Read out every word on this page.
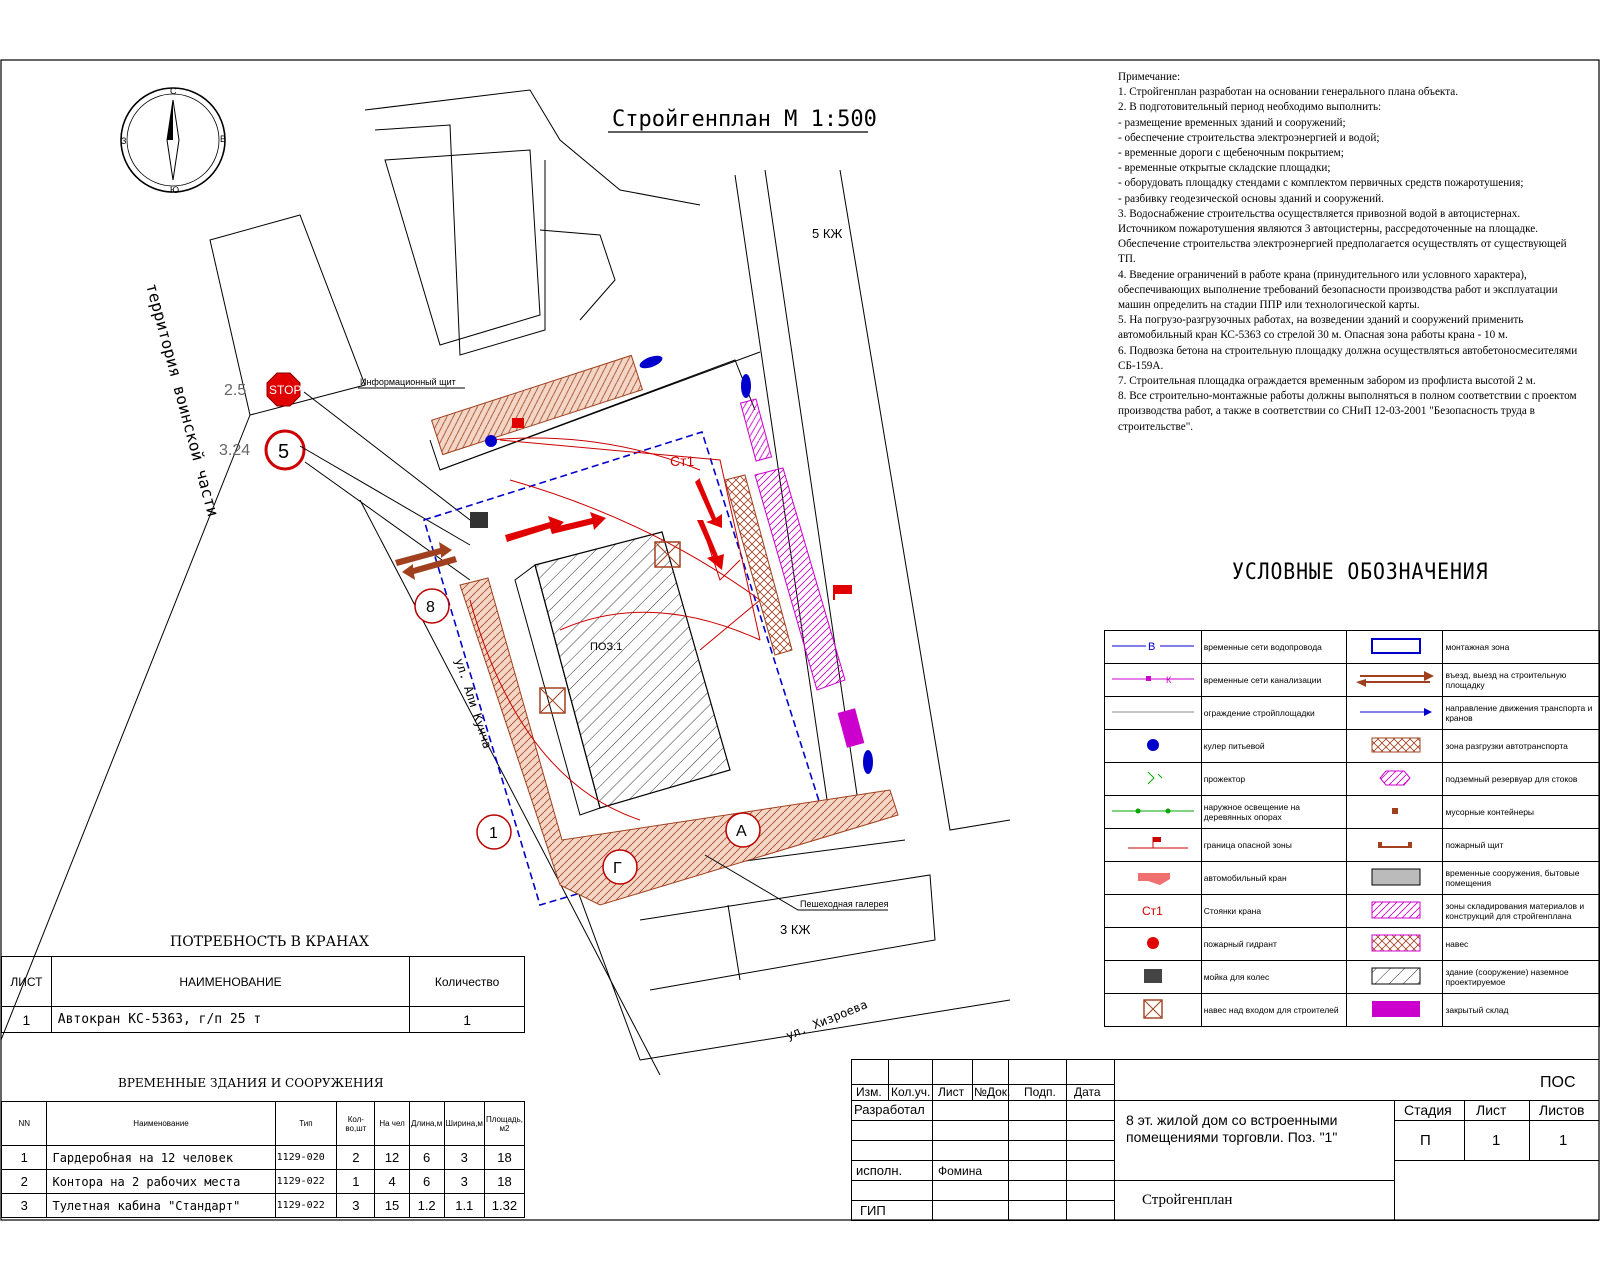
С
Ю
З	В
Стройгенплан М 1:500
территория воинской части
ул. Али Кунча
ул. Хизроева
5 КЖ
3 КЖ
STOP
2.5
5
3.24
ПОЗ.1
Ст1
Информационный щит
Пешеходная галерея
8
1	А
Г
Примечание:
1. Стройгенплан разработан на основании генерального плана объекта.
2. В подготовительный период необходимо выполнить:
- размещение временных зданий и сооружений;
- обеспечение строительства электроэнергией и водой;
- временные дороги с щебеночным покрытием;
- временные открытые складские площадки;
- оборудовать площадку стендами с комплектом первичных средств пожаротушения;
- разбивку геодезической основы зданий и сооружений.
3. Водоснабжение строительства осуществляется привозной водой в автоцистернах. Источником пожаротушения являются 3 автоцистерны, рассредоточенные на площадке.
Обеспечение строительства электроэнергией предполагается осуществлять от существующей ТП.
4. Введение ограничений в работе крана (принудительного или условного характера), обеспечивающих выполнение требований безопасности производства работ и эксплуатации машин определить на стадии ППР или технологической карты.
5. На погрузо-разгрузочных работах, на возведении зданий и сооружений применить автомобильный кран КС-5363 со стрелой 30 м. Опасная зона работы крана - 10 м.
6. Подвозка бетона на строительную площадку должна осуществляться автобетоносмесителями СБ-159А.
7. Строительная площадка ограждается временным забором из профлиста высотой 2 м.
8. Все строительно-монтажные работы должны выполняться в полном соответствии с проектом производства работ, а также в соответствии со СНиП 12-03-2001 "Безопасность труда в строительстве".
УСЛОВНЫЕ ОБОЗНАЧЕНИЯ
В	временные сети водопровода		монтажная зона

К	временные сети канализации		въезд, выезд на строительную площадку
	ограждение стройплощадки		направление движения транспорта и кранов
	кулер питьевой		зона разгрузки автотранспорта
	прожектор		подземный резервуар для стоков
	наружное освещение на деревянных опорах		мусорные контейнеры
	граница опасной зоны		пожарный щит
	автомобильный кран		временные сооружения, бытовые помещения

Ст1	Стоянки крана		зоны складирования материалов и конструкций для стройгенплана
	пожарный гидрант		навес
	мойка для колес		здание (сооружение) наземное проектируемое
	навес над входом для строителей		закрытый склад
ПОТРЕБНОСТЬ В КРАНАХ
ЛИСТ	НАИМЕНОВАНИЕ	Количество
1	Автокран КС-5363, г/п 25 т	1
ВРЕМЕННЫЕ ЗДАНИЯ И СООРУЖЕНИЯ
NN	Наименование	Тип	Кол-во,шт	На чел	Длина,м	Ширина,м	Площадь, м2
1	Гардеробная на 12 человек	1129-020	2	12	6	3	18
2	Контора на 2 рабочих места	1129-022	1	4	6	3	18
3	Тулетная кабина "Стандарт"	1129-022	3	15	1.2	1.1	1.32
Изм. Кол.уч. Лист №Док. Подп. Дата
Разработал
исполн.	Фомина
ГИП
ПОС
8 эт. жилой дом со встроенными помещениями торговли. Поз. "1"
Стройгенплан
Стадия Лист Листов
П	1	1
